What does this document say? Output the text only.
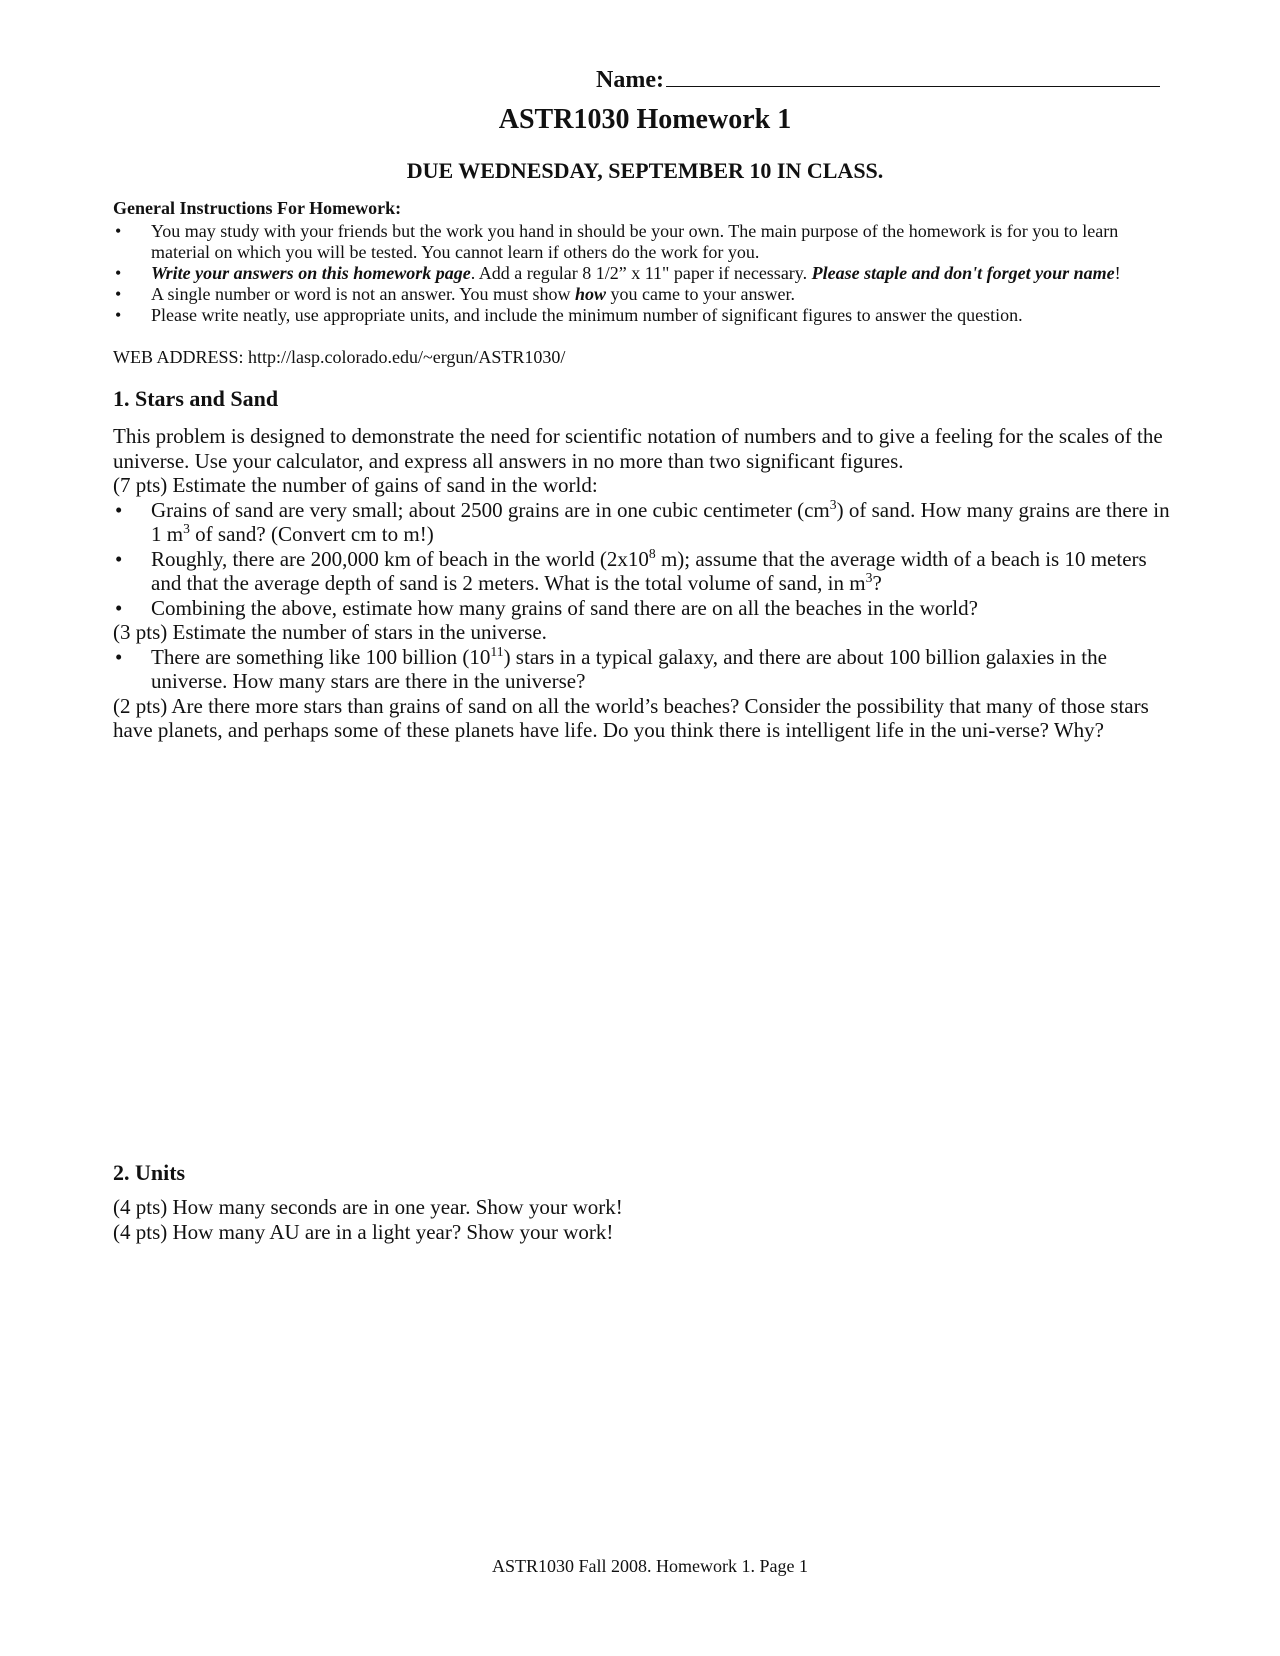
Name:
ASTR1030 Homework 1

DUE WEDNESDAY, SEPTEMBER 10 IN CLASS.

General Instructions For Homework:

• You may study with your friends but the work you hand in should be your own. The main purpose of the homework is for you to learn material on which you will be tested. You cannot learn if others do the work for you.
• Write your answers on this homework page. Add a regular 8 1/2” x 11" paper if necessary. Please staple and don't forget your name!
• A single number or word is not an answer. You must show how you came to your answer.
• Please write neatly, use appropriate units, and include the minimum number of significant figures to answer the question.

WEB ADDRESS: http://lasp.colorado.edu/~ergun/ASTR1030/

1. Stars and Sand

This problem is designed to demonstrate the need for scientific notation of numbers and to give a feeling for the scales of the universe. Use your calculator, and express all answers in no more than two significant figures.

(7 pts) Estimate the number of gains of sand in the world:

• Grains of sand are very small; about 2500 grains are in one cubic centimeter $(cm^3)$ of sand. How many grains are there in 1 $m^3$ of sand? (Convert cm to m!)
• Roughly, there are 200,000 km of beach in the world ($2x10^8$ m); assume that the average width of a beach is 10 meters and that the average depth of sand is 2 meters. What is the total volume of sand, in $m^3$?
• Combining the above, estimate how many grains of sand there are on all the beaches in the world?

(3 pts) Estimate the number of stars in the universe.

• There are something like 100 billion $(10^{11})$ stars in a typical galaxy, and there are about 100 billion galaxies in the universe. How many stars are there in the universe?

(2 pts) Are there more stars than grains of sand on all the world’s beaches? Consider the possibility that many of those stars have planets, and perhaps some of these planets have life. Do you think there is intelligent life in the uni-verse? Why?

2. Units

(4 pts) How many seconds are in one year. Show your work!

(4 pts) How many AU are in a light year? Show your work!

ASTR1030 Fall 2008. Homework 1. Page 1
